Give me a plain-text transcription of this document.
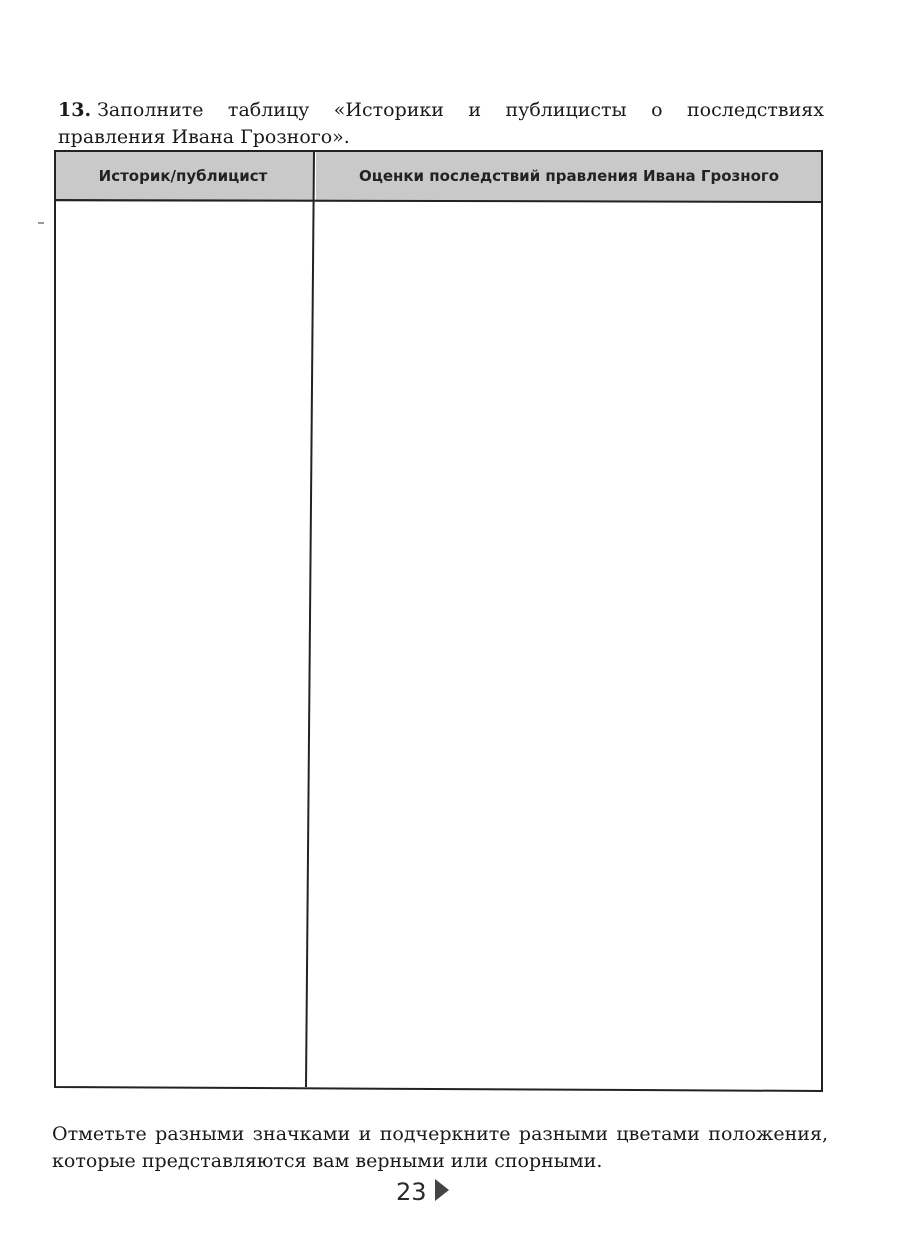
13. Заполните таблицу «Историки и публицисты о последствиях правления Ивана Грозного».

Историк/публицист	Оценки последствий правления Ивана Грозного

Отметьте разными значками и подчеркните разными цветами положения, которые представляются вам верными или спорными.

23
